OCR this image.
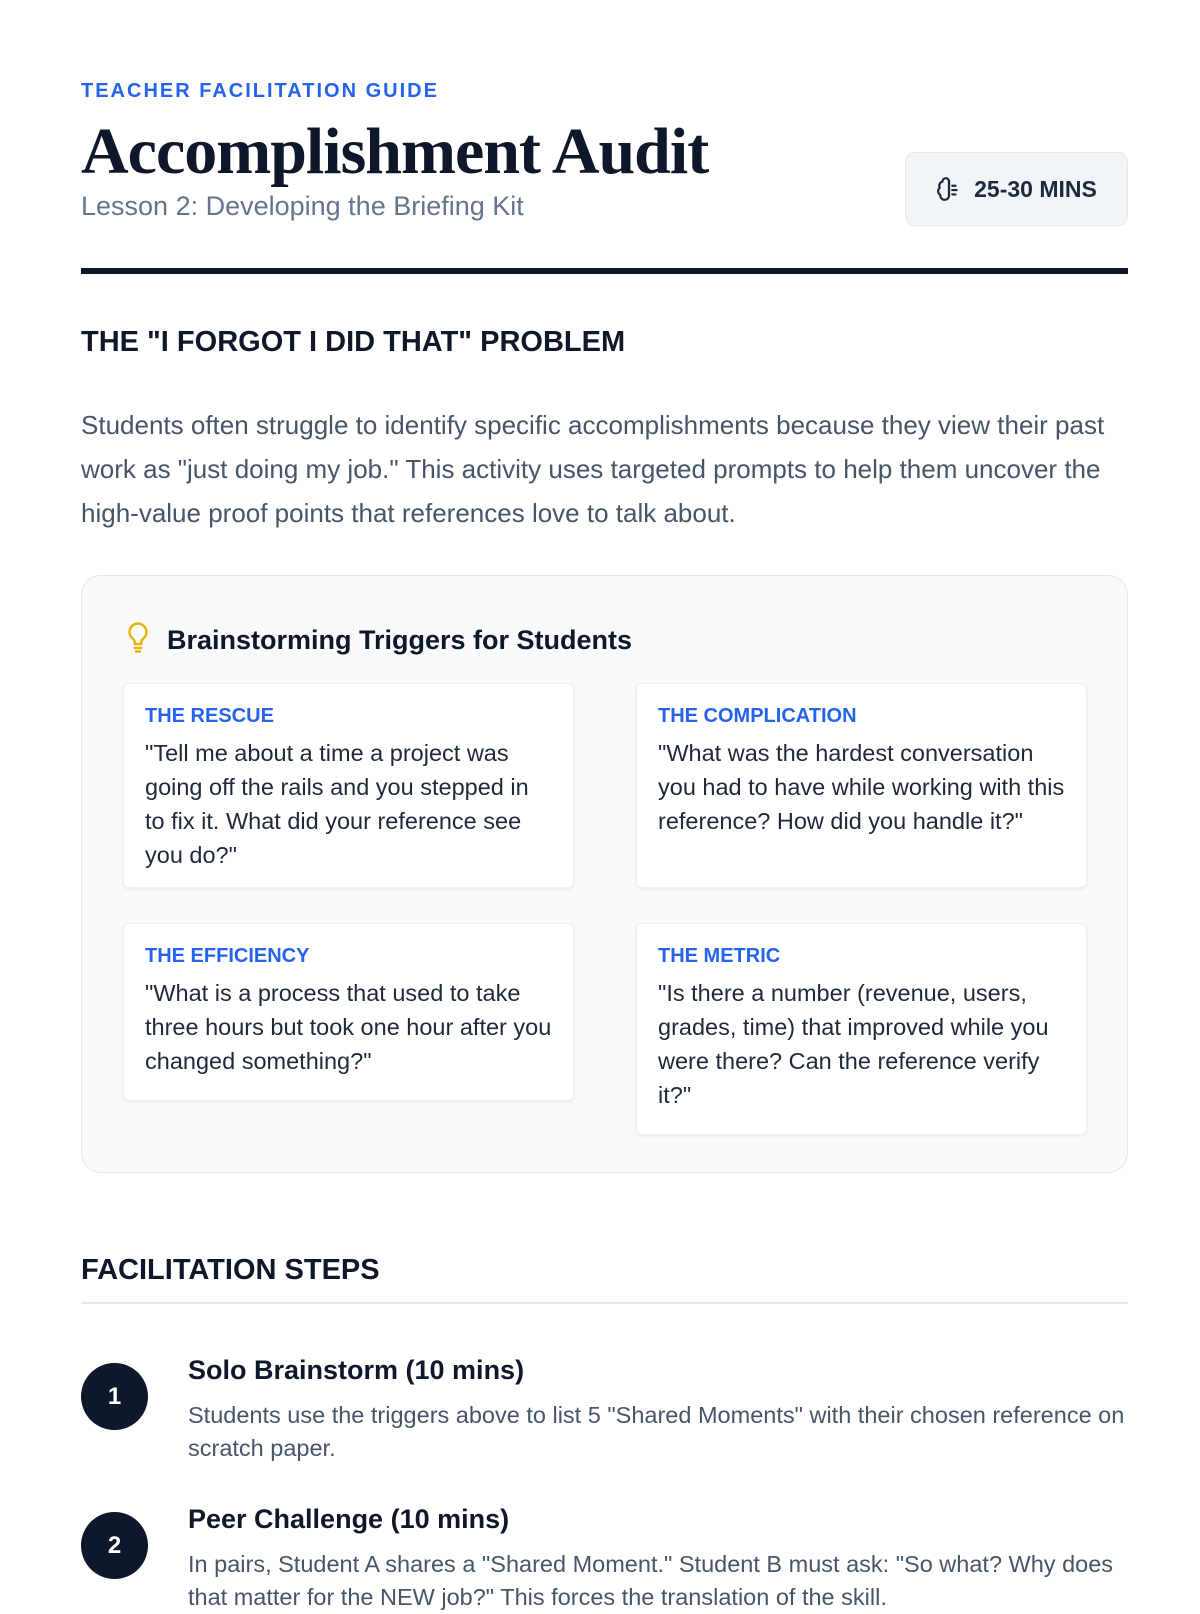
TEACHER FACILITATION GUIDE
Accomplishment Audit
Lesson 2: Developing the Briefing Kit
25-30 MINS
THE "I FORGOT I DID THAT" PROBLEM

Students often struggle to identify specific accomplishments because they view their past work as "just doing my job." This activity uses targeted prompts to help them uncover the high-value proof points that references love to talk about.

Brainstorming Triggers for Students
THE RESCUE
"Tell me about a time a project was going off the rails and you stepped in to fix it. What did your reference see you do?"
THE COMPLICATION
"What was the hardest conversation you had to have while working with this reference? How did you handle it?"
THE EFFICIENCY
"What is a process that used to take three hours but took one hour after you changed something?"
THE METRIC
"Is there a number (revenue, users, grades, time) that improved while you were there? Can the reference verify it?"
FACILITATION STEPS
1
Solo Brainstorm (10 mins)

Students use the triggers above to list 5 "Shared Moments" with their chosen reference on scratch paper.

2
Peer Challenge (10 mins)

In pairs, Student A shares a "Shared Moment." Student B must ask: "So what? Why does that matter for the NEW job?" This forces the translation of the skill.
